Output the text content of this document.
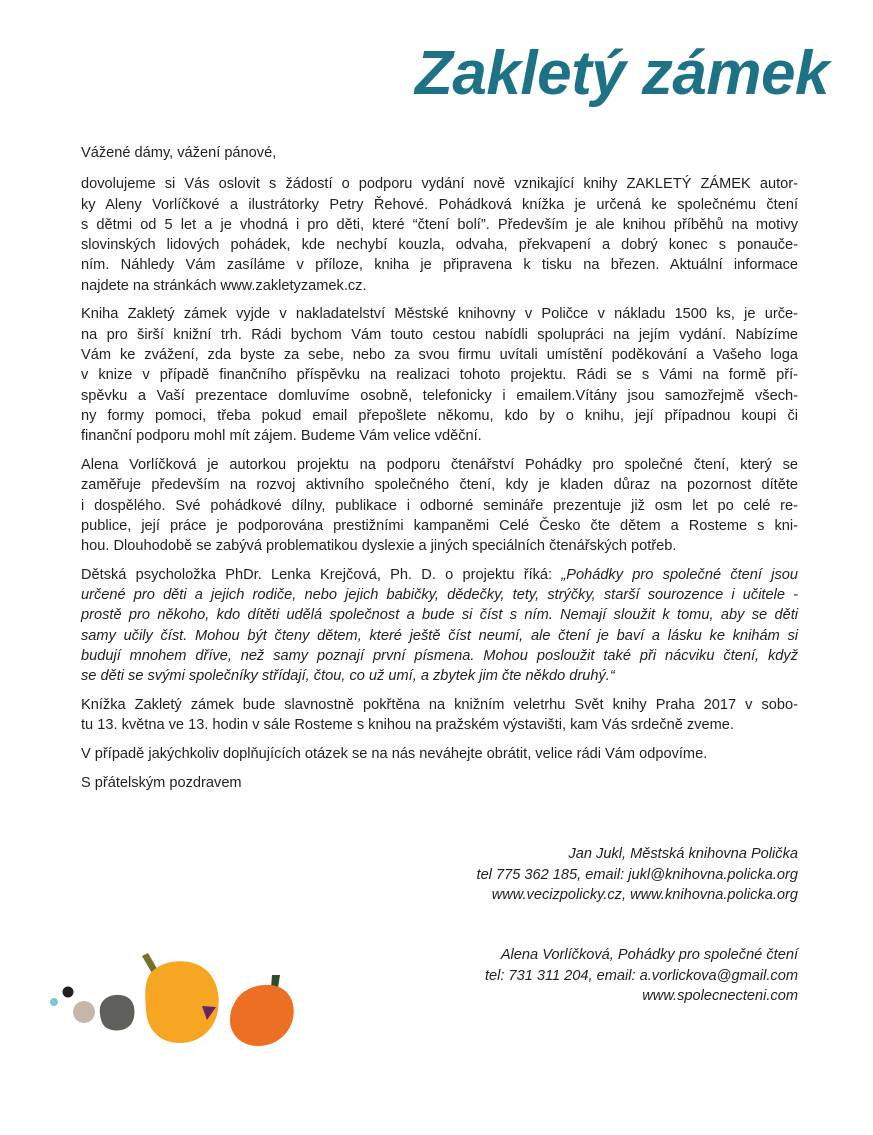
Zakletý zámek

Vážené dámy, vážení pánové,

dovolujeme si Vás oslovit s žádostí o podporu vydání nově vznikající knihy ZAKLETÝ ZÁMEK autor-
ky Aleny Vorlíčkové a ilustrátorky Petry Řehové. Pohádková knížka je určená ke společnému čtení
s dětmi od 5 let a je vhodná i pro děti, které “čtení bolí”. Především je ale knihou příběhů na motivy
slovinských lidových pohádek, kde nechybí kouzla, odvaha, překvapení a dobrý konec s ponauče-
ním. Náhledy Vám zasíláme v příloze, kniha je připravena k tisku na březen. Aktuální informace
najdete na stránkách www.zakletyzamek.cz.

Kniha Zakletý zámek vyjde v nakladatelství Městské knihovny v Poličce v nákladu 1500 ks, je urče-
na pro širší knižní trh. Rádi bychom Vám touto cestou nabídli spolupráci na jejím vydání. Nabízíme
Vám ke zvážení, zda byste za sebe, nebo za svou firmu uvítali umístění poděkování a Vašeho loga
v knize v případě finančního příspěvku na realizaci tohoto projektu. Rádi se s Vámi na formě pří-
spěvku a Vaší prezentace domluvíme osobně, telefonicky i emailem.Vítány jsou samozřejmě všech-
ny formy pomoci, třeba pokud email přepošlete někomu, kdo by o knihu, její případnou koupi či
finanční podporu mohl mít zájem. Budeme Vám velice vděční.

Alena Vorlíčková je autorkou projektu na podporu čtenářství Pohádky pro společné čtení, který se
zaměřuje především na rozvoj aktivního společného čtení, kdy je kladen důraz na pozornost dítěte
i dospělého. Své pohádkové dílny, publikace i odborné semináře prezentuje již osm let po celé re-
publice, její práce je podporována prestižními kampaněmi Celé Česko čte dětem a Rosteme s kni-
hou. Dlouhodobě se zabývá problematikou dyslexie a jiných speciálních čtenářských potřeb.

Dětská psycholožka PhDr. Lenka Krejčová, Ph. D. o projektu říká: „Pohádky pro společné čtení jsou
určené pro děti a jejich rodiče, nebo jejich babičky, dědečky, tety, strýčky, starší sourozence i učitele -
prostě pro někoho, kdo dítěti udělá společnost a bude si číst s ním. Nemají sloužit k tomu, aby se děti
samy učily číst. Mohou být čteny dětem, které ještě číst neumí, ale čtení je baví a lásku ke knihám si
budují mnohem dříve, než samy poznají první písmena. Mohou posloužit také při nácviku čtení, když
se děti se svými společníky střídají, čtou, co už umí, a zbytek jim čte někdo druhý.“

Knížka Zakletý zámek bude slavnostně pokřtěna na knižním veletrhu Svět knihy Praha 2017 v sobo-
tu 13. května ve 13. hodin v sále Rosteme s knihou na pražském výstavišti, kam Vás srdečně zveme.

V případě jakýchkoliv doplňujících otázek se na nás neváhejte obrátit, velice rádi Vám odpovíme.

S přátelským pozdravem

Jan Jukl, Městská knihovna Polička
tel 775 362 185, email: jukl@knihovna.policka.org
www.vecizpolicky.cz, www.knihovna.policka.org
Alena Vorlíčková, Pohádky pro společné čtení
tel: 731 311 204, email: a.vorlickova@gmail.com
www.spolecnecteni.com
